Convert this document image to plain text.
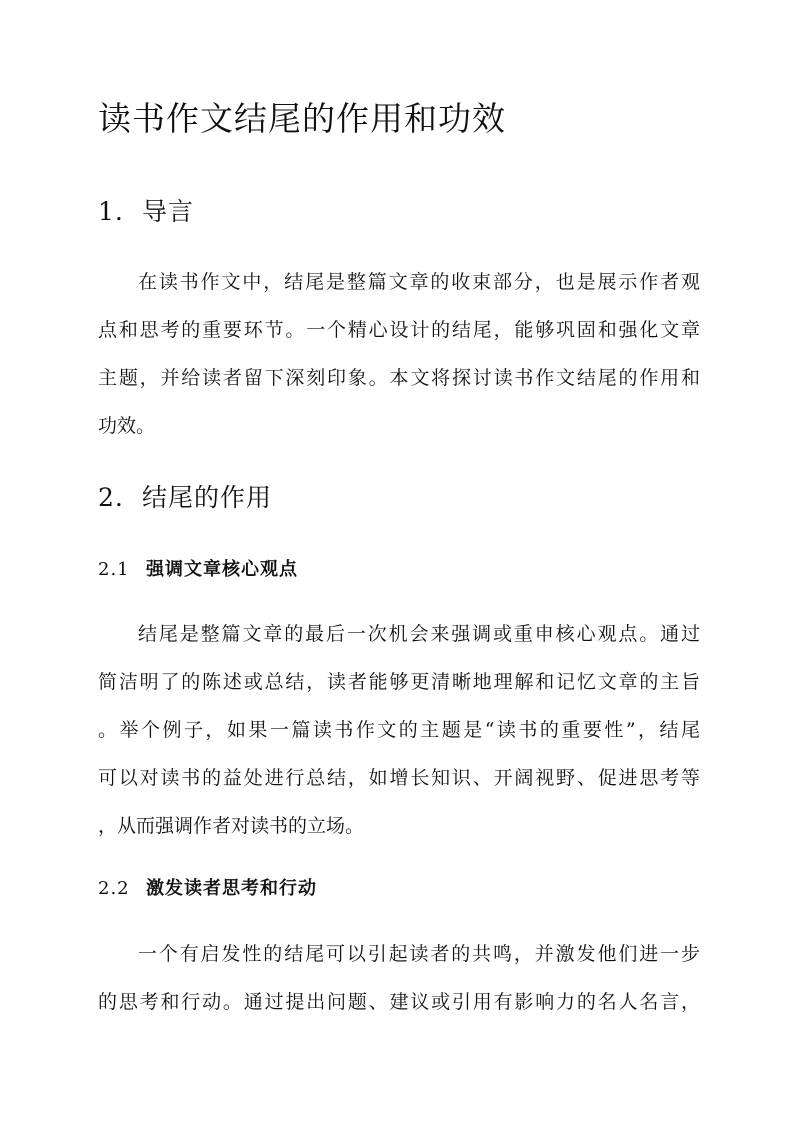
读书作文结尾的作用和功效
1. 导言
在读书作文中，结尾是整篇文章的收束部分，也是展示作者观
点和思考的重要环节。一个精心设计的结尾，能够巩固和强化文章
主题，并给读者留下深刻印象。本文将探讨读书作文结尾的作用和
功效。
2. 结尾的作用
2.1 强调文章核心观点
结尾是整篇文章的最后一次机会来强调或重申核心观点。通过
简洁明了的陈述或总结，读者能够更清晰地理解和记忆文章的主旨
。举个例子，如果一篇读书作文的主题是“读书的重要性”，结尾
可以对读书的益处进行总结，如增长知识、开阔视野、促进思考等
，从而强调作者对读书的立场。
2.2 激发读者思考和行动
一个有启发性的结尾可以引起读者的共鸣，并激发他们进一步
的思考和行动。通过提出问题、建议或引用有影响力的名人名言，
